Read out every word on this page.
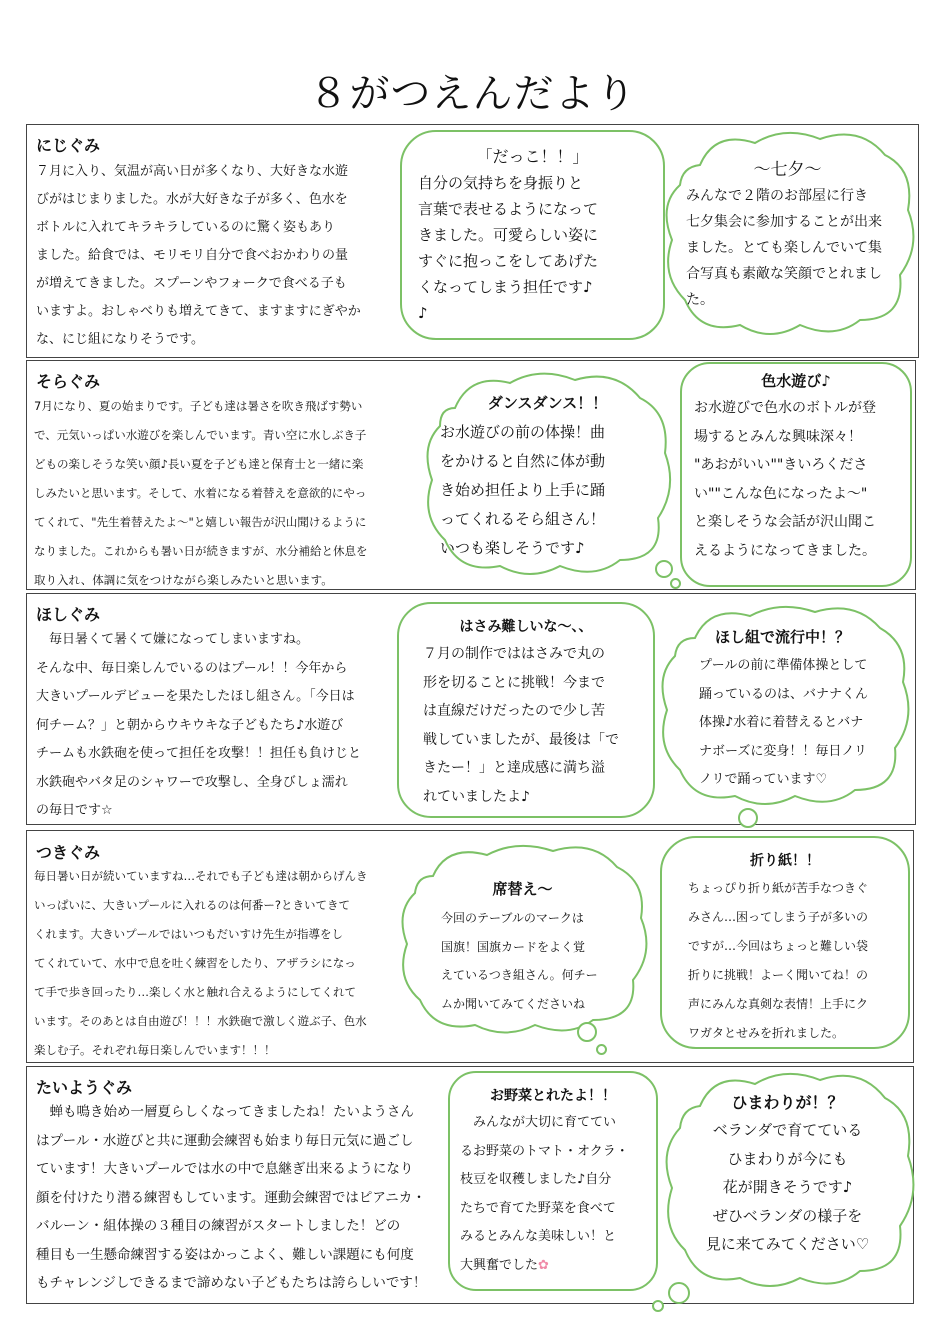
８がつえんだより
にじぐみ
７月に入り、気温が高い日が多くなり、大好きな水遊
びがはじまりました。水が大好きな子が多く、色水を
ボトルに入れてキラキラしているのに驚く姿もあり
ました。給食では、モリモリ自分で食べおかわりの量
が増えてきました。スプーンやフォークで食べる子も
いますよ。おしゃべりも増えてきて、ますますにぎやか
な、にじ組になりそうです。
「だっこ！！」
自分の気持ちを身振りと
言葉で表せるようになって
きました。可愛らしい姿に
すぐに抱っこをしてあげた
くなってしまう担任です♪
♪
～七夕～
みんなで２階のお部屋に行き
七夕集会に参加することが出来
ました。とても楽しんでいて集
合写真も素敵な笑顔でとれまし
た。
そらぐみ
7月になり、夏の始まりです。子ども達は暑さを吹き飛ばす勢い
で、元気いっぱい水遊びを楽しんでいます。青い空に水しぶき子
どもの楽しそうな笑い顔♪長い夏を子ども達と保育士と一緒に楽
しみたいと思います。そして、水着になる着替えを意欲的にやっ
てくれて、"先生着替えたよ～"と嬉しい報告が沢山聞けるように
なりました。これからも暑い日が続きますが、水分補給と休息を
取り入れ、体調に気をつけながら楽しみたいと思います。
ダンスダンス！！
お水遊びの前の体操！曲
をかけると自然に体が動
き始め担任より上手に踊
ってくれるそら組さん！
いつも楽しそうです♪
色水遊び♪
お水遊びで色水のボトルが登
場するとみんな興味深々！
"あおがいい""きいろくださ
い""こんな色になったよ～"
と楽しそうな会話が沢山聞こ
えるようになってきました。
ほしぐみ
　毎日暑くて暑くて嫌になってしまいますね。
そんな中、毎日楽しんでいるのはプール！！今年から
大きいプールデビューを果たしたほし組さん。「今日は
何チーム？」と朝からウキウキな子どもたち♪水遊び
チームも水鉄砲を使って担任を攻撃！！担任も負けじと
水鉄砲やバタ足のシャワーで攻撃し、全身びしょ濡れ
の毎日です☆
はさみ難しいな～、、
７月の制作でははさみで丸の
形を切ることに挑戦！今まで
は直線だけだったので少し苦
戦していましたが、最後は「で
きたー！」と達成感に満ち溢
れていましたよ♪
ほし組で流行中！？
プールの前に準備体操として
踊っているのは、バナナくん
体操♪水着に着替えるとバナ
ナボーズに変身！！毎日ノリ
ノリで踊っています♡
つきぐみ
毎日暑い日が続いていますね…それでも子ども達は朝からげんき
いっぱいに、大きいプールに入れるのは何番ー?ときいてきて
くれます。大きいプールではいつもだいすけ先生が指導をし
てくれていて、水中で息を吐く練習をしたり、アザラシになっ
て手で歩き回ったり…楽しく水と触れ合えるようにしてくれて
います。そのあとは自由遊び！！！水鉄砲で激しく遊ぶ子、色水
楽しむ子。それぞれ毎日楽しんでいます！！！
席替え～
今回のテーブルのマークは
国旗！国旗カードをよく覚
えているつき組さん。何チー
ムか聞いてみてくださいね
折り紙！！
ちょっぴり折り紙が苦手なつきぐ
みさん…困ってしまう子が多いの
ですが…今回はちょっと難しい袋
折りに挑戦！よーく聞いてね！の
声にみんな真剣な表情！上手にク
ワガタとせみを折れました。
たいようぐみ
　蝉も鳴き始め一層夏らしくなってきましたね！たいようさん
はプール・水遊びと共に運動会練習も始まり毎日元気に過ごし
ています！大きいプールでは水の中で息継ぎ出来るようになり
顔を付けたり潜る練習もしています。運動会練習ではピアニカ・
バルーン・組体操の３種目の練習がスタートしました！どの
種目も一生懸命練習する姿はかっこよく、難しい課題にも何度
もチャレンジしできるまで諦めない子どもたちは誇らしいです！
お野菜とれたよ！！
　みんなが大切に育ててい
るお野菜のトマト・オクラ・
枝豆を収穫しました♪自分
たちで育てた野菜を食べて
みるとみんな美味しい！と
大興奮でした✿
ひまわりが！？
ベランダで育てている
ひまわりが今にも
花が開きそうです♪
ぜひベランダの様子を
見に来てみてください♡
